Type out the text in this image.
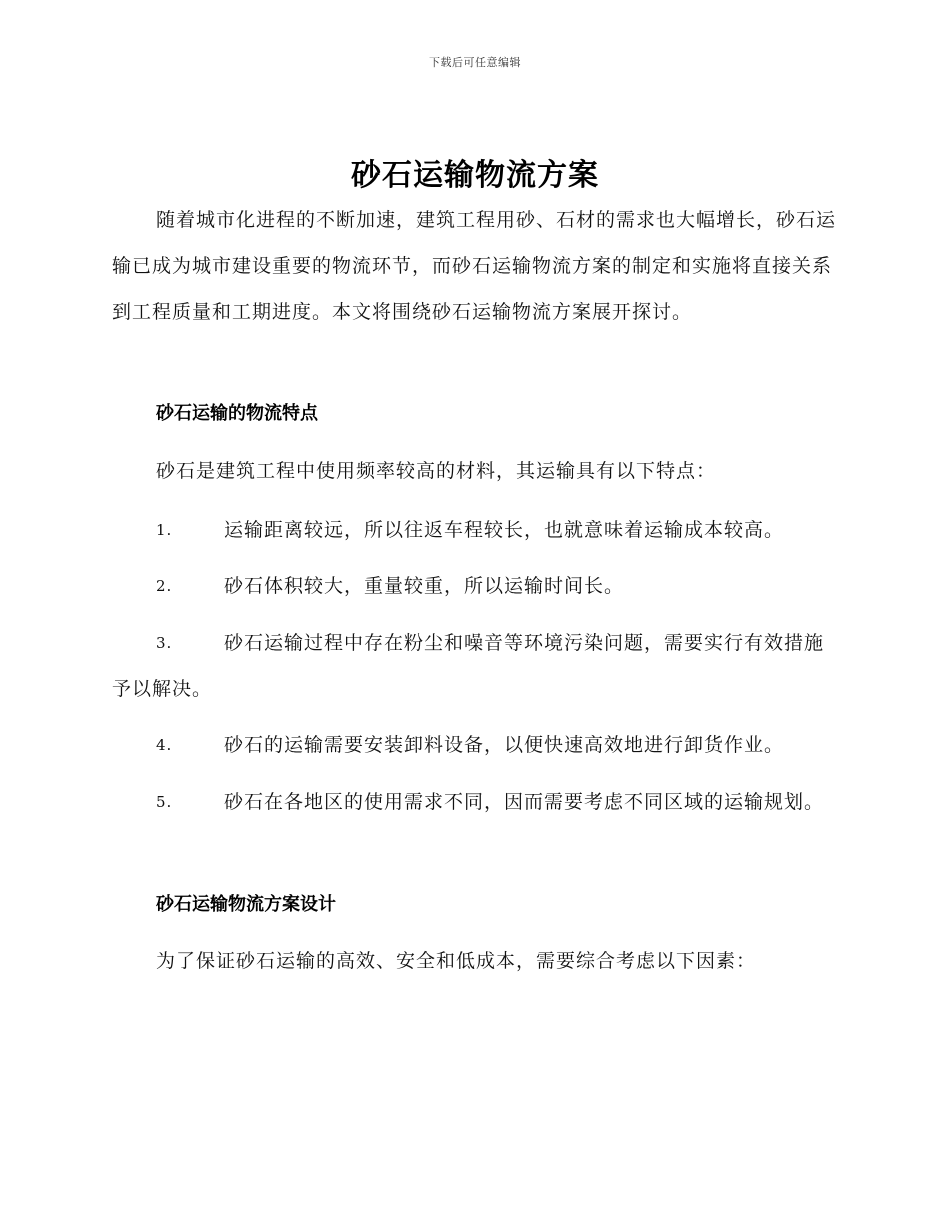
下载后可任意编辑
砂石运输物流方案
随着城市化进程的不断加速，建筑工程用砂、石材的需求也大幅增长，砂石运输已成为城市建设重要的物流环节，而砂石运输物流方案的制定和实施将直接关系到工程质量和工期进度。本文将围绕砂石运输物流方案展开探讨。
砂石运输的物流特点
砂石是建筑工程中使用频率较高的材料，其运输具有以下特点：
1.	运输距离较远，所以往返车程较长，也就意味着运输成本较高。
2.	砂石体积较大，重量较重，所以运输时间长。
3.	砂石运输过程中存在粉尘和噪音等环境污染问题，需要实行有效措施予以解决。
4.	砂石的运输需要安装卸料设备，以便快速高效地进行卸货作业。
5.	砂石在各地区的使用需求不同，因而需要考虑不同区域的运输规划。
砂石运输物流方案设计
为了保证砂石运输的高效、安全和低成本，需要综合考虑以下因素：
